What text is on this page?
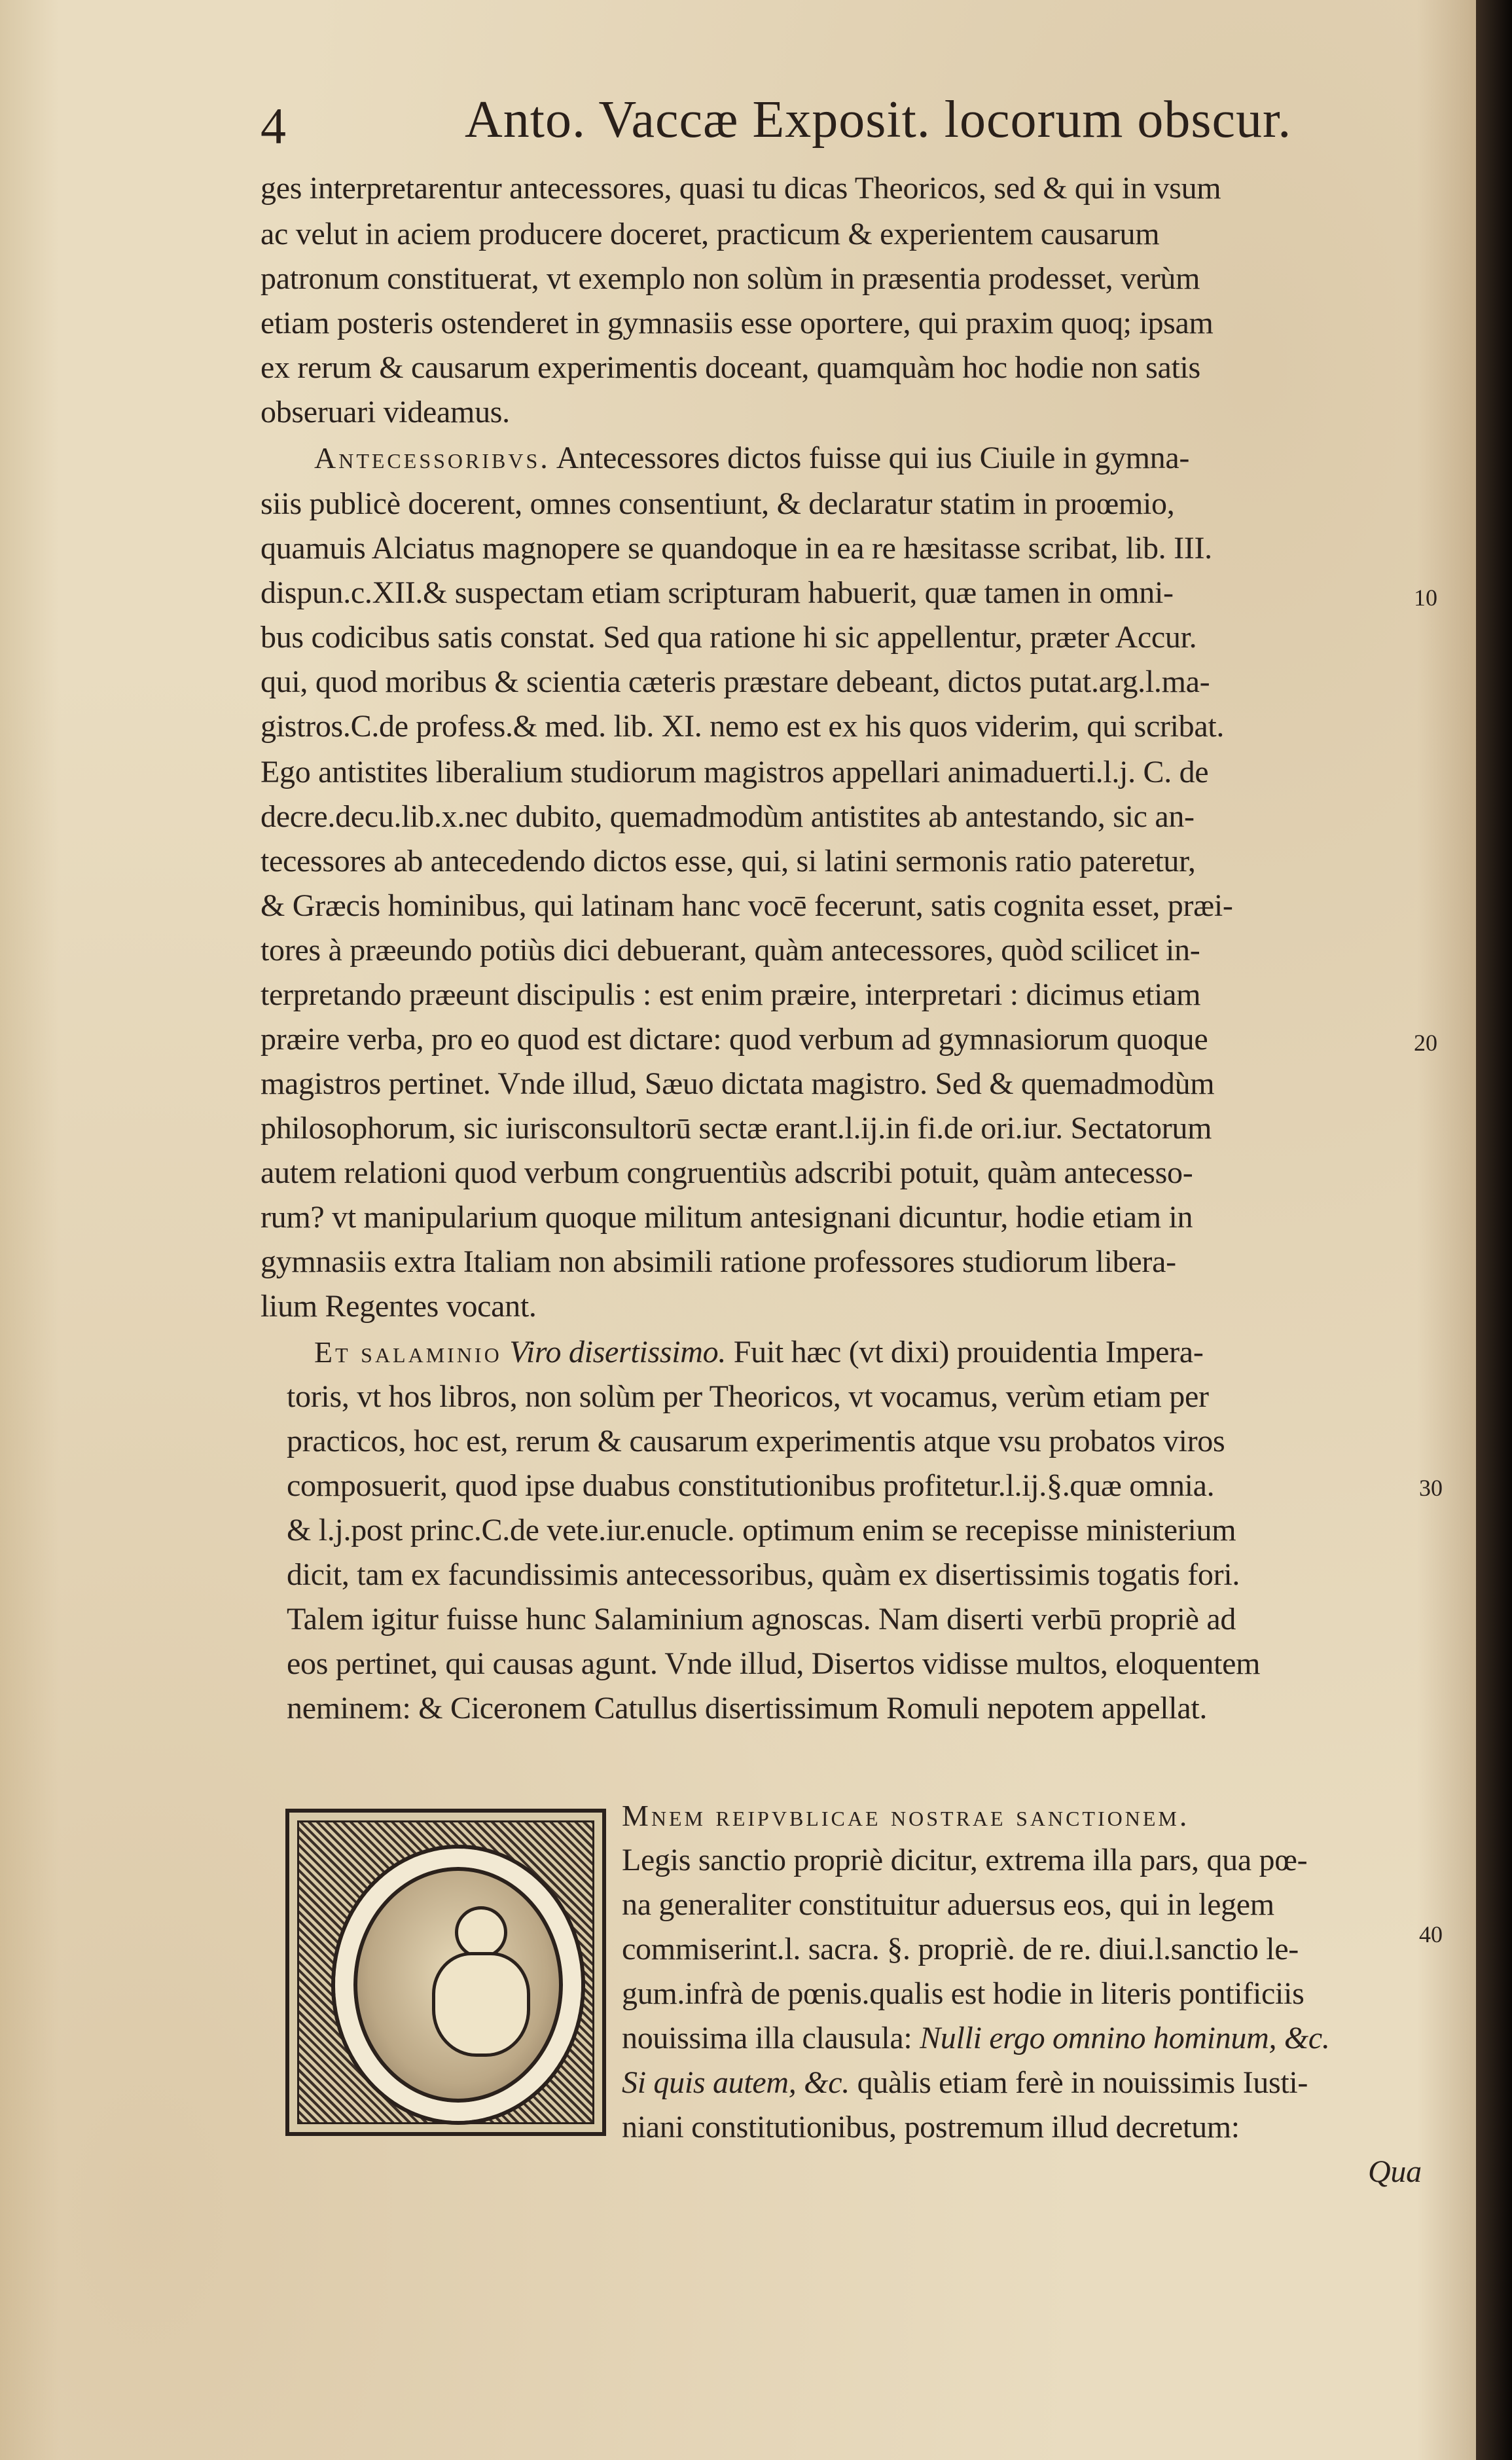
4	Anto. Vaccæ Exposit. locorum obscur.
ges interpretarentur antecessores, quasi tu dicas Theoricos, sed & qui in vsum
ac velut in aciem producere doceret, practicum & experientem causarum
patronum constituerat, vt exemplo non solùm in præsentia prodesset, verùm
etiam posteris ostenderet in gymnasiis esse oportere, qui praxim quoq; ipsam
ex rerum & causarum experimentis doceant, quamquàm hoc hodie non satis
obseruari videamus.
Antecessoribvs. Antecessores dictos fuisse qui ius Ciuile in gymna-
siis publicè docerent, omnes consentiunt, & declaratur statim in proœmio,
quamuis Alciatus magnopere se quandoque in ea re hæsitasse scribat, lib. III.
dispun.c.XII.& suspectam etiam scripturam habuerit, quæ tamen in omni-
bus codicibus satis constat. Sed qua ratione hi sic appellentur, præter Accur.
qui, quod moribus & scientia cæteris præstare debeant, dictos putat.arg.l.ma-
gistros.C.de profess.& med. lib. XI. nemo est ex his quos viderim, qui scribat.
Ego antistites liberalium studiorum magistros appellari animaduerti.l.j. C. de
decre.decu.lib.x.nec dubito, quemadmodùm antistites ab antestando, sic an-
tecessores ab antecedendo dictos esse, qui, si latini sermonis ratio pateretur,
& Græcis hominibus, qui latinam hanc vocē fecerunt, satis cognita esset, præi-
tores à præeundo potiùs dici debuerant, quàm antecessores, quòd scilicet in-
terpretando præeunt discipulis : est enim præire, interpretari : dicimus etiam
præire verba, pro eo quod est dictare: quod verbum ad gymnasiorum quoque
magistros pertinet. Vnde illud, Sæuo dictata magistro. Sed & quemadmodùm
philosophorum, sic iurisconsultorū sectæ erant.l.ij.in fi.de ori.iur. Sectatorum
autem relationi quod verbum congruentiùs adscribi potuit, quàm antecesso-
rum? vt manipularium quoque militum antesignani dicuntur, hodie etiam in
gymnasiis extra Italiam non absimili ratione professores studiorum libera-
lium Regentes vocant.
Et salaminio Viro disertissimo. Fuit hæc (vt dixi) prouidentia Impera-
toris, vt hos libros, non solùm per Theoricos, vt vocamus, verùm etiam per
practicos, hoc est, rerum & causarum experimentis atque vsu probatos viros
composuerit, quod ipse duabus constitutionibus profitetur.l.ij.§.quæ omnia.
& l.j.post princ.C.de vete.iur.enucle. optimum enim se recepisse ministerium
dicit, tam ex facundissimis antecessoribus, quàm ex disertissimis togatis fori.
Talem igitur fuisse hunc Salaminium agnoscas. Nam diserti verbū propriè ad
eos pertinet, qui causas agunt. Vnde illud, Disertos vidisse multos, eloquentem
neminem: & Ciceronem Catullus disertissimum Romuli nepotem appellat.
Mnem reipvblicae nostrae sanctionem.
Legis sanctio propriè dicitur, extrema illa pars, qua pœ-
na generaliter constituitur aduersus eos, qui in legem
commiserint.l. sacra. §. propriè. de re. diui.l.sanctio le-
gum.infrà de pœnis.qualis est hodie in literis pontificiis
nouissima illa clausula: Nulli ergo omnino hominum, &c.
Si quis autem, &c. quàlis etiam ferè in nouissimis Iusti-
niani constitutionibus, postremum illud decretum:
Qua
10
20
30
40
